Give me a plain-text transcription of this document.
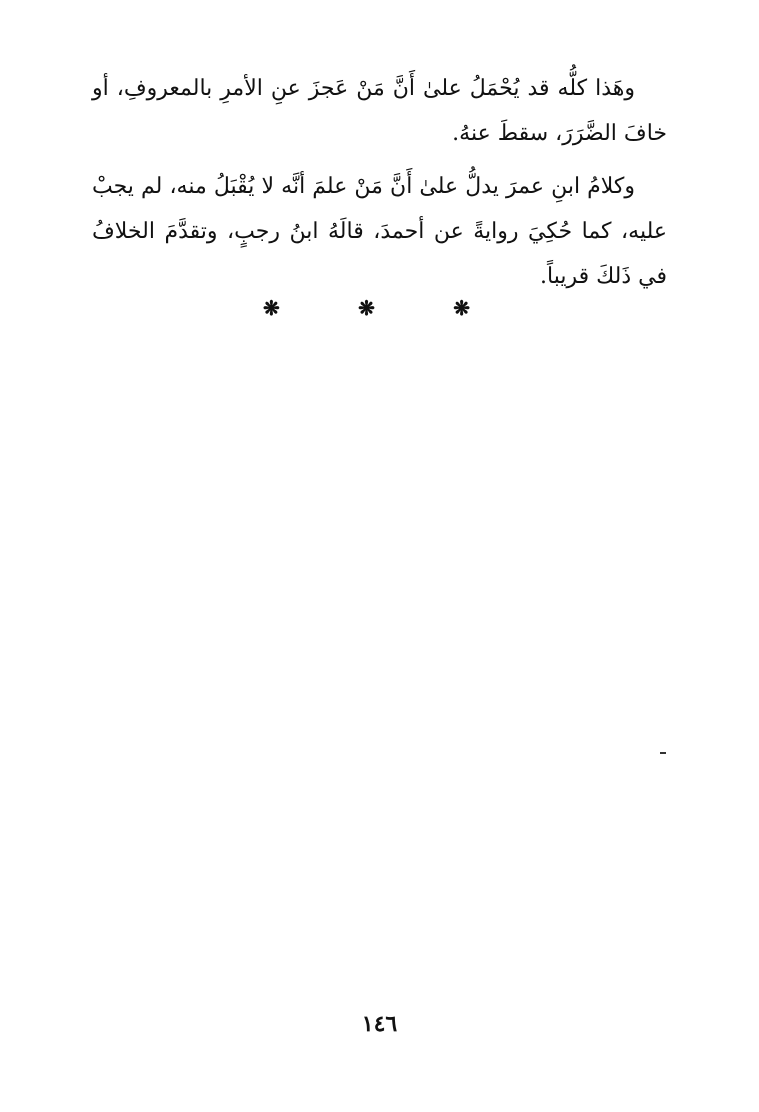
وهَذا كلُّه قد يُحْمَلُ علىٰ أَنَّ مَنْ عَجزَ عنِ الأمرِ بالمعروفِ، أو خافَ الضَّرَرَ، سقطَ عنهُ.

وكلامُ ابنِ عمرَ يدلُّ علىٰ أَنَّ مَنْ علمَ أنَّه لا يُقْبَلُ منه، لم يجبْ عليه، كما حُكِيَ روايةً عن أحمدَ، قالَهُ ابنُ رجبٍ، وتقدَّمَ الخلافُ في ذَلكَ قريباً.

❋	❋	❋
١٤٦
